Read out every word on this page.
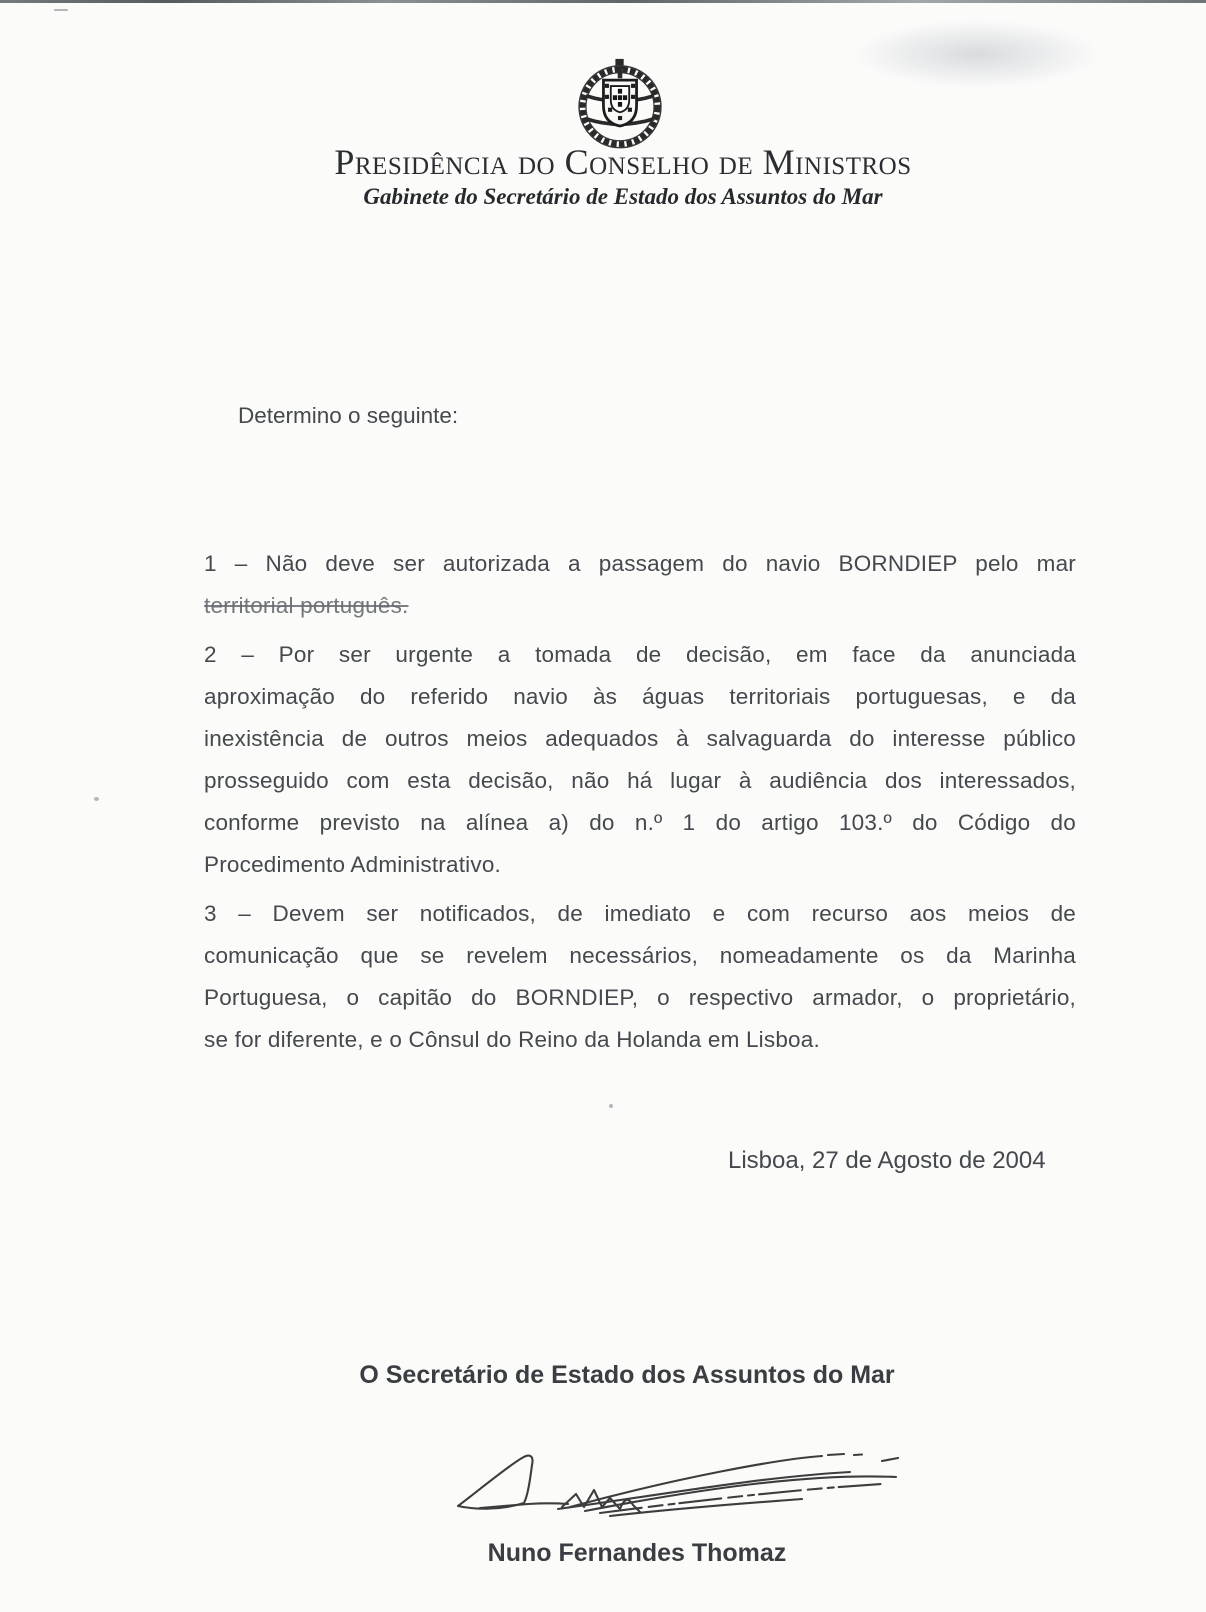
Presidência do Conselho de Ministros
Gabinete do Secretário de Estado dos Assuntos do Mar
Determino o seguinte:
1 – Não deve ser autorizada a passagem do navio BORNDIEP pelo mar
territorial português.
2 – Por ser urgente a tomada de decisão, em face da anunciada
aproximação do referido navio às águas territoriais portuguesas, e da
inexistência de outros meios adequados à salvaguarda do interesse público
prosseguido com esta decisão, não há lugar à audiência dos interessados,
conforme previsto na alínea a) do n.º 1 do artigo 103.º do Código do
Procedimento Administrativo.
3 – Devem ser notificados, de imediato e com recurso aos meios de
comunicação que se revelem necessários, nomeadamente os da Marinha
Portuguesa, o capitão do BORNDIEP, o respectivo armador, o proprietário,
se for diferente, e o Cônsul do Reino da Holanda em Lisboa.
Lisboa, 27 de Agosto de 2004
O Secretário de Estado dos Assuntos do Mar
Nuno Fernandes Thomaz
